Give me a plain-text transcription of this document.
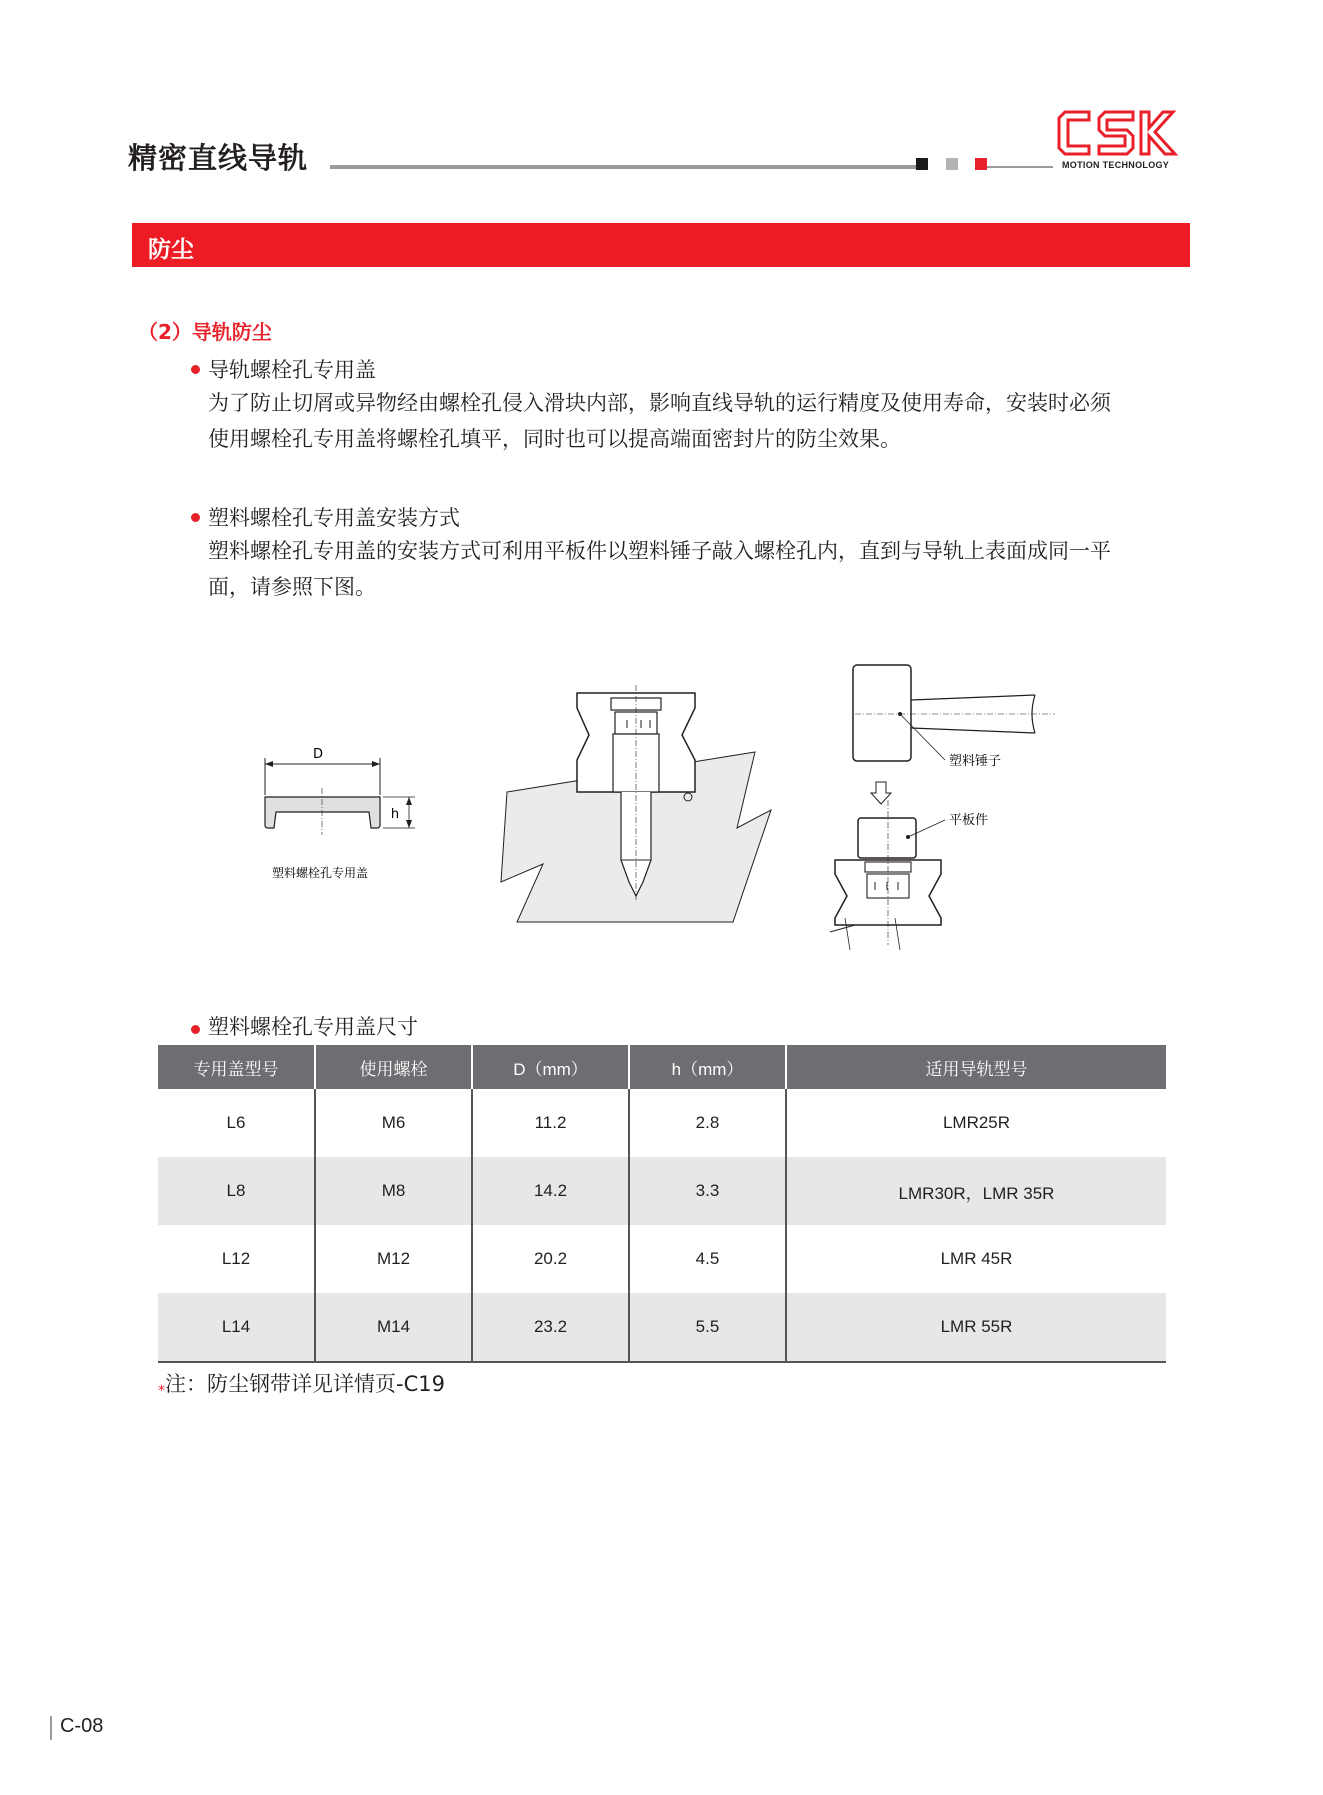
精密直线导轨	MOTION TECHNOLOGY
防尘
（2）导轨防尘
导轨螺栓孔专用盖
为了防止切屑或异物经由螺栓孔侵入滑块内部，影响直线导轨的运行精度及使用寿命，安装时必须
使用螺栓孔专用盖将螺栓孔填平，同时也可以提高端面密封片的防尘效果。
塑料螺栓孔专用盖安装方式
塑料螺栓孔专用盖的安装方式可利用平板件以塑料锤子敲入螺栓孔内，直到与导轨上表面成同一平
面，请参照下图。
D
h
塑料螺栓孔专用盖
塑料锤子
平板件
塑料螺栓孔专用盖尺寸
专用盖型号	使用螺栓	D（mm）	h（mm）	适用导轨型号
L6	M6	11.2	2.8	LMR25R
L8	M8	14.2	3.3	LMR30R，LMR 35R
L12	M12	20.2	4.5	LMR 45R
L14	M14	23.2	5.5	LMR 55R
*注：防尘钢带详见详情页-C19
C-08
